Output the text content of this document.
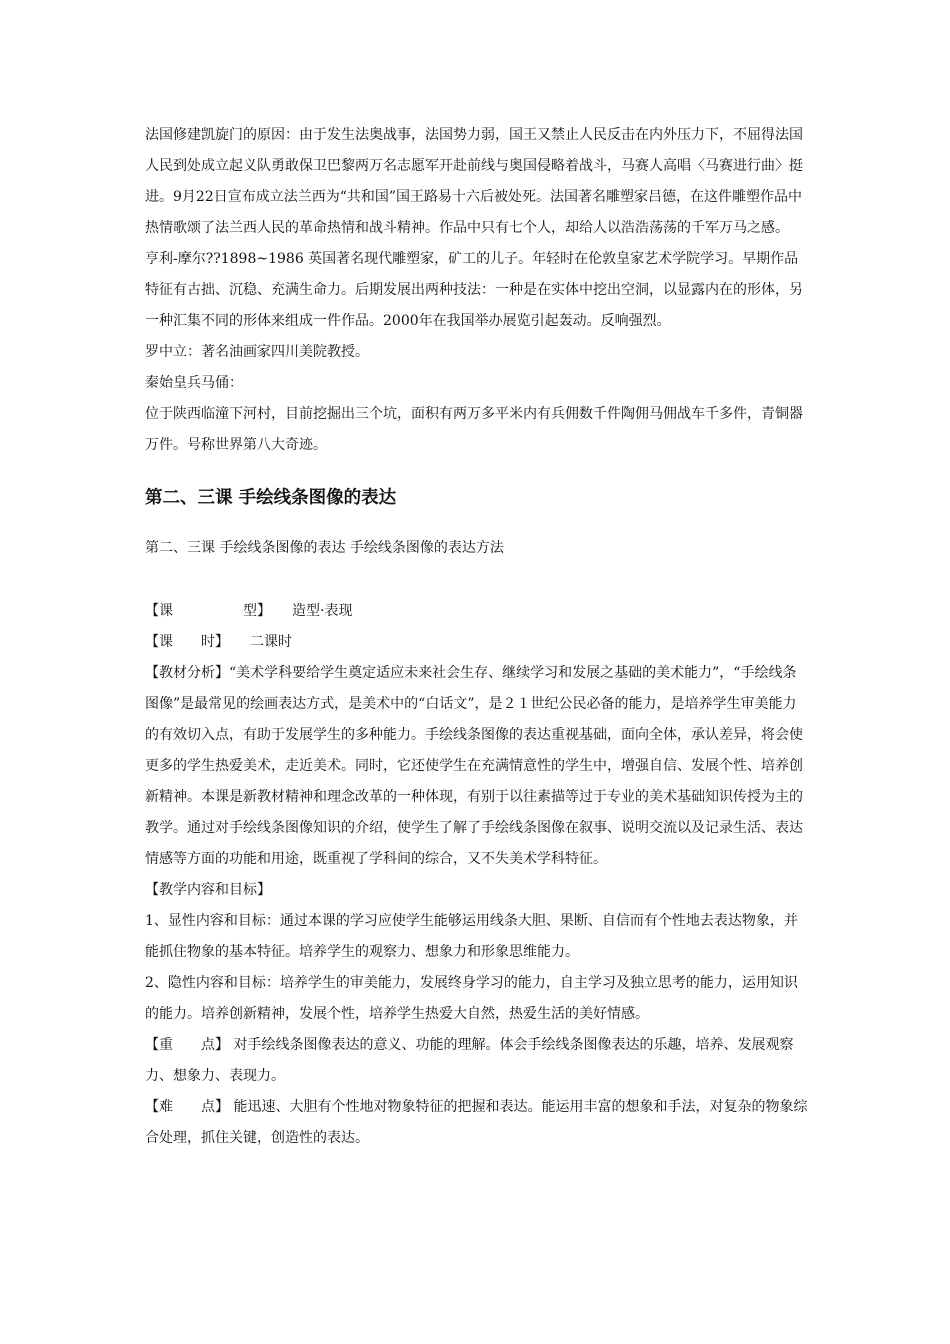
法国修建凯旋门的原因：由于发生法奥战事，法国势力弱，国王又禁止人民反击在内外压力下，不屈得法国人民到处成立起义队勇敢保卫巴黎两万名志愿军开赴前线与奥国侵略着战斗，马赛人高唱〈马赛进行曲〉挺进。9月22日宣布成立法兰西为“共和国”国王路易十六后被处死。法国著名雕塑家吕德，在这件雕塑作品中热情歌颂了法兰西人民的革命热情和战斗精神。作品中只有七个人，却给人以浩浩荡荡的千军万马之感。

亨利-摩尔??1898~1986 英国著名现代雕塑家，矿工的儿子。年轻时在伦敦皇家艺术学院学习。早期作品特征有古拙、沉稳、充满生命力。后期发展出两种技法：一种是在实体中挖出空洞，以显露内在的形体，另一种汇集不同的形体来组成一件作品。2000年在我国举办展览引起轰动。反响强烈。

罗中立：著名油画家四川美院教授。

秦始皇兵马俑：

位于陕西临潼下河村，目前挖掘出三个坑，面积有两万多平米内有兵佣数千件陶佣马佣战车千多件，青铜器万件。号称世界第八大奇迹。

第二、三课 手绘线条图像的表达

第二、三课 手绘线条图像的表达 手绘线条图像的表达方法

【课　　　　　型】　　造型·表现

【课　　时】　　二课时

【教材分析】“美术学科要给学生奠定适应未来社会生存、继续学习和发展之基础的美术能力”，“手绘线条图像”是最常见的绘画表达方式，是美术中的“白话文”，是２１世纪公民必备的能力，是培养学生审美能力的有效切入点，有助于发展学生的多种能力。手绘线条图像的表达重视基础，面向全体，承认差异，将会使更多的学生热爱美术，走近美术。同时，它还使学生在充满情意性的学生中，增强自信、发展个性、培养创新精神。本课是新教材精神和理念改革的一种体现，有别于以往素描等过于专业的美术基础知识传授为主的教学。通过对手绘线条图像知识的介绍，使学生了解了手绘线条图像在叙事、说明交流以及记录生活、表达情感等方面的功能和用途，既重视了学科间的综合，又不失美术学科特征。

【教学内容和目标】

1、显性内容和目标：通过本课的学习应使学生能够运用线条大胆、果断、自信而有个性地去表达物象，并能抓住物象的基本特征。培养学生的观察力、想象力和形象思维能力。

2、隐性内容和目标：培养学生的审美能力，发展终身学习的能力，自主学习及独立思考的能力，运用知识的能力。培养创新精神，发展个性，培养学生热爱大自然，热爱生活的美好情感。

【重　　点】 对手绘线条图像表达的意义、功能的理解。体会手绘线条图像表达的乐趣，培养、发展观察力、想象力、表现力。

【难　　点】 能迅速、大胆有个性地对物象特征的把握和表达。能运用丰富的想象和手法，对复杂的物象综合处理，抓住关键，创造性的表达。
